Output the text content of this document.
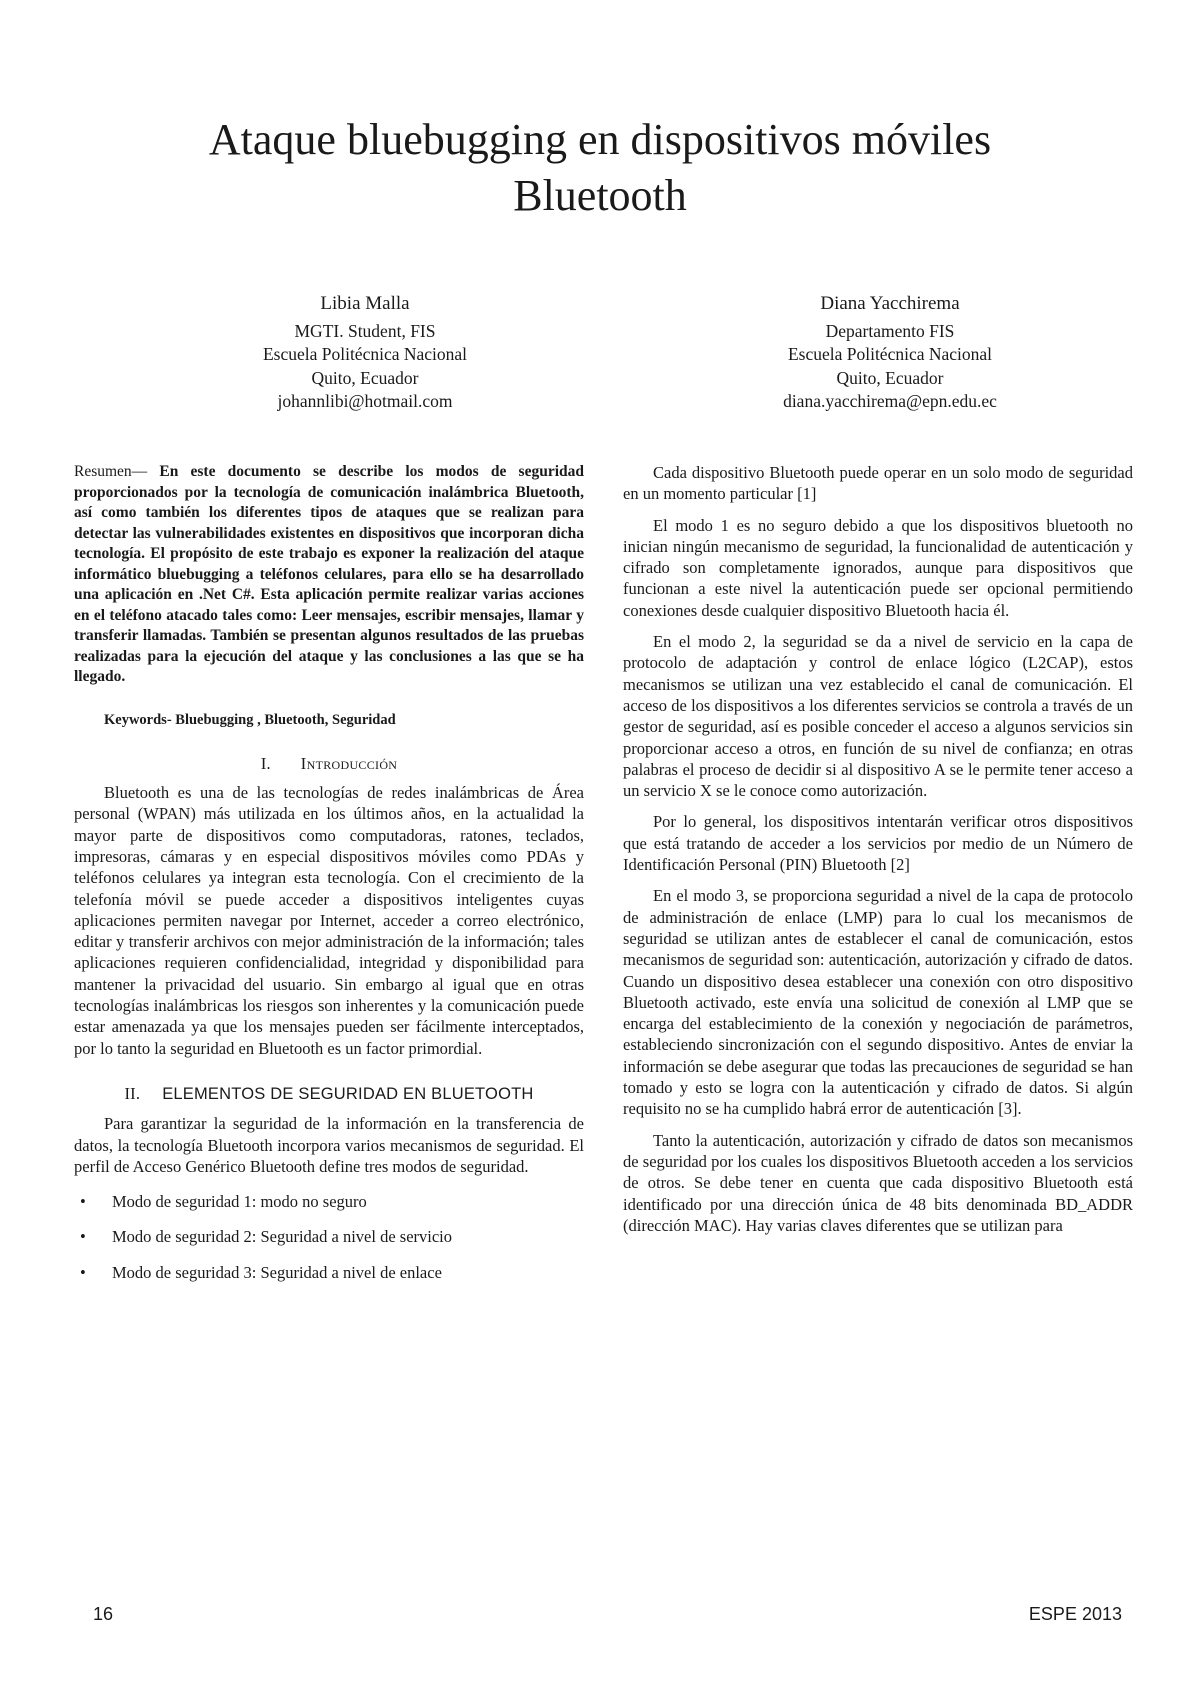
Ataque bluebugging en dispositivos móviles
Bluetooth
Libia Malla
MGTI. Student, FIS
Escuela Politécnica Nacional
Quito, Ecuador
johannlibi@hotmail.com
Diana Yacchirema
Departamento FIS
Escuela Politécnica Nacional
Quito, Ecuador
diana.yacchirema@epn.edu.ec

Resumen— En este documento se describe los modos de seguridad proporcionados por la tecnología de comunicación inalámbrica Bluetooth, así como también los diferentes tipos de ataques que se realizan para detectar las vulnerabilidades existentes en dispositivos que incorporan dicha tecnología. El propósito de este trabajo es exponer la realización del ataque informático bluebugging a teléfonos celulares, para ello se ha desarrollado una aplicación en .Net C#. Esta aplicación permite realizar varias acciones en el teléfono atacado tales como: Leer mensajes, escribir mensajes, llamar y transferir llamadas. También se presentan algunos resultados de las pruebas realizadas para la ejecución del ataque y las conclusiones a las que se ha llegado.

Keywords- Bluebugging , Bluetooth, Seguridad

I. Introducción

Bluetooth es una de las tecnologías de redes inalámbricas de Área personal (WPAN) más utilizada en los últimos años, en la actualidad la mayor parte de dispositivos como computadoras, ratones, teclados, impresoras, cámaras y en especial dispositivos móviles como PDAs y teléfonos celulares ya integran esta tecnología. Con el crecimiento de la telefonía móvil se puede acceder a dispositivos inteligentes cuyas aplicaciones permiten navegar por Internet, acceder a correo electrónico, editar y transferir archivos con mejor administración de la información; tales aplicaciones requieren confidencialidad, integridad y disponibilidad para mantener la privacidad del usuario. Sin embargo al igual que en otras tecnologías inalámbricas los riesgos son inherentes y la comunicación puede estar amenazada ya que los mensajes pueden ser fácilmente interceptados, por lo tanto la seguridad en Bluetooth es un factor primordial.

II. ELEMENTOS DE SEGURIDAD EN BLUETOOTH

Para garantizar la seguridad de la información en la transferencia de datos, la tecnología Bluetooth incorpora varios mecanismos de seguridad. El perfil de Acceso Genérico Bluetooth define tres modos de seguridad.

• Modo de seguridad 1: modo no seguro
• Modo de seguridad 2: Seguridad a nivel de servicio
• Modo de seguridad 3: Seguridad a nivel de enlace

Cada dispositivo Bluetooth puede operar en un solo modo de seguridad en un momento particular [1]

El modo 1 es no seguro debido a que los dispositivos bluetooth no inician ningún mecanismo de seguridad, la funcionalidad de autenticación y cifrado son completamente ignorados, aunque para dispositivos que funcionan a este nivel la autenticación puede ser opcional permitiendo conexiones desde cualquier dispositivo Bluetooth hacia él.

En el modo 2, la seguridad se da a nivel de servicio en la capa de protocolo de adaptación y control de enlace lógico (L2CAP), estos mecanismos se utilizan una vez establecido el canal de comunicación. El acceso de los dispositivos a los diferentes servicios se controla a través de un gestor de seguridad, así es posible conceder el acceso a algunos servicios sin proporcionar acceso a otros, en función de su nivel de confianza; en otras palabras el proceso de decidir si al dispositivo A se le permite tener acceso a un servicio X se le conoce como autorización.

Por lo general, los dispositivos intentarán verificar otros dispositivos que está tratando de acceder a los servicios por medio de un Número de Identificación Personal (PIN) Bluetooth [2]

En el modo 3, se proporciona seguridad a nivel de la capa de protocolo de administración de enlace (LMP) para lo cual los mecanismos de seguridad se utilizan antes de establecer el canal de comunicación, estos mecanismos de seguridad son: autenticación, autorización y cifrado de datos. Cuando un dispositivo desea establecer una conexión con otro dispositivo Bluetooth activado, este envía una solicitud de conexión al LMP que se encarga del establecimiento de la conexión y negociación de parámetros, estableciendo sincronización con el segundo dispositivo. Antes de enviar la información se debe asegurar que todas las precauciones de seguridad se han tomado y esto se logra con la autenticación y cifrado de datos. Si algún requisito no se ha cumplido habrá error de autenticación [3].

Tanto la autenticación, autorización y cifrado de datos son mecanismos de seguridad por los cuales los dispositivos Bluetooth acceden a los servicios de otros. Se debe tener en cuenta que cada dispositivo Bluetooth está identificado por una dirección única de 48 bits denominada BD_ADDR (dirección MAC). Hay varias claves diferentes que se utilizan para

16	ESPE 2013
